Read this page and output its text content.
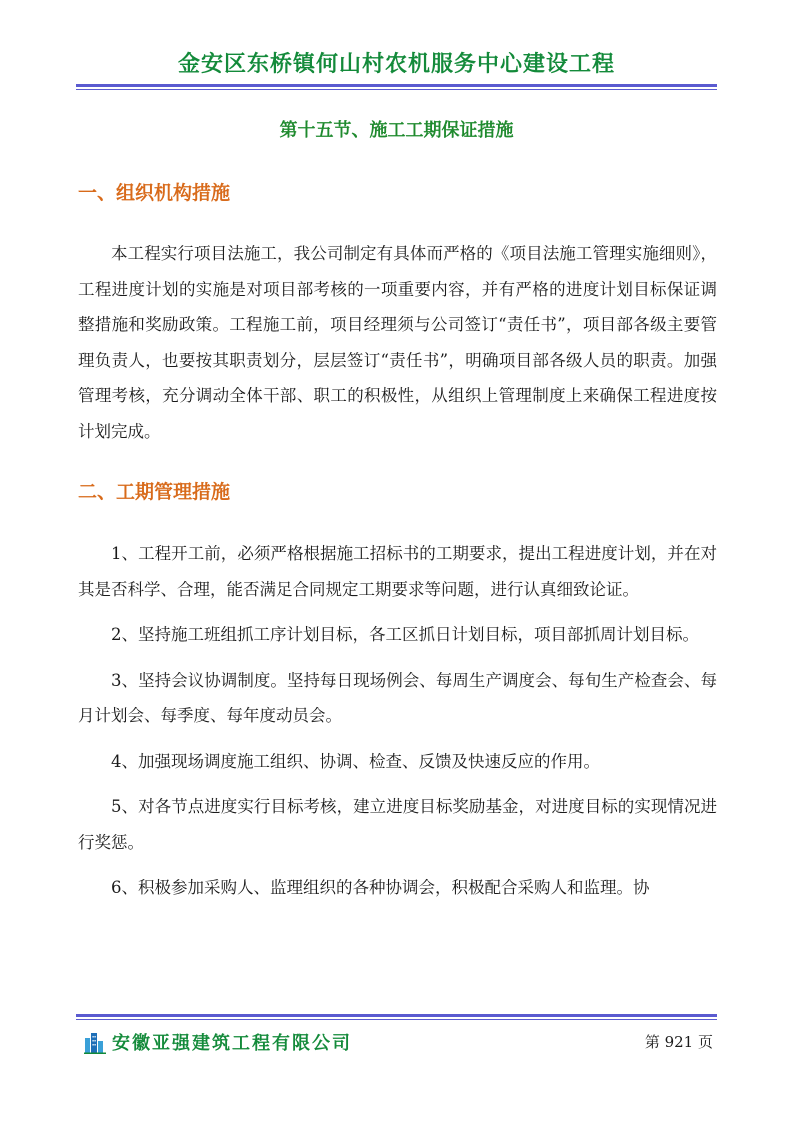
金安区东桥镇何山村农机服务中心建设工程
第十五节、施工工期保证措施
一、组织机构措施

本工程实行项目法施工，我公司制定有具体而严格的《项目法施工管理实施细则》，工程进度计划的实施是对项目部考核的一项重要内容，并有严格的进度计划目标保证调整措施和奖励政策。工程施工前，项目经理须与公司签订“责任书”，项目部各级主要管理负责人，也要按其职责划分，层层签订“责任书”，明确项目部各级人员的职责。加强管理考核，充分调动全体干部、职工的积极性，从组织上管理制度上来确保工程进度按计划完成。

二、工期管理措施

1、工程开工前，必须严格根据施工招标书的工期要求，提出工程进度计划，并在对其是否科学、合理，能否满足合同规定工期要求等问题，进行认真细致论证。

2、坚持施工班组抓工序计划目标，各工区抓日计划目标，项目部抓周计划目标。

3、坚持会议协调制度。坚持每日现场例会、每周生产调度会、每旬生产检查会、每月计划会、每季度、每年度动员会。

4、加强现场调度施工组织、协调、检查、反馈及快速反应的作用。

5、对各节点进度实行目标考核，建立进度目标奖励基金，对进度目标的实现情况进行奖惩。

6、积极参加采购人、监理组织的各种协调会，积极配合采购人和监理。协

安徽亚强建筑工程有限公司	第 921 页
